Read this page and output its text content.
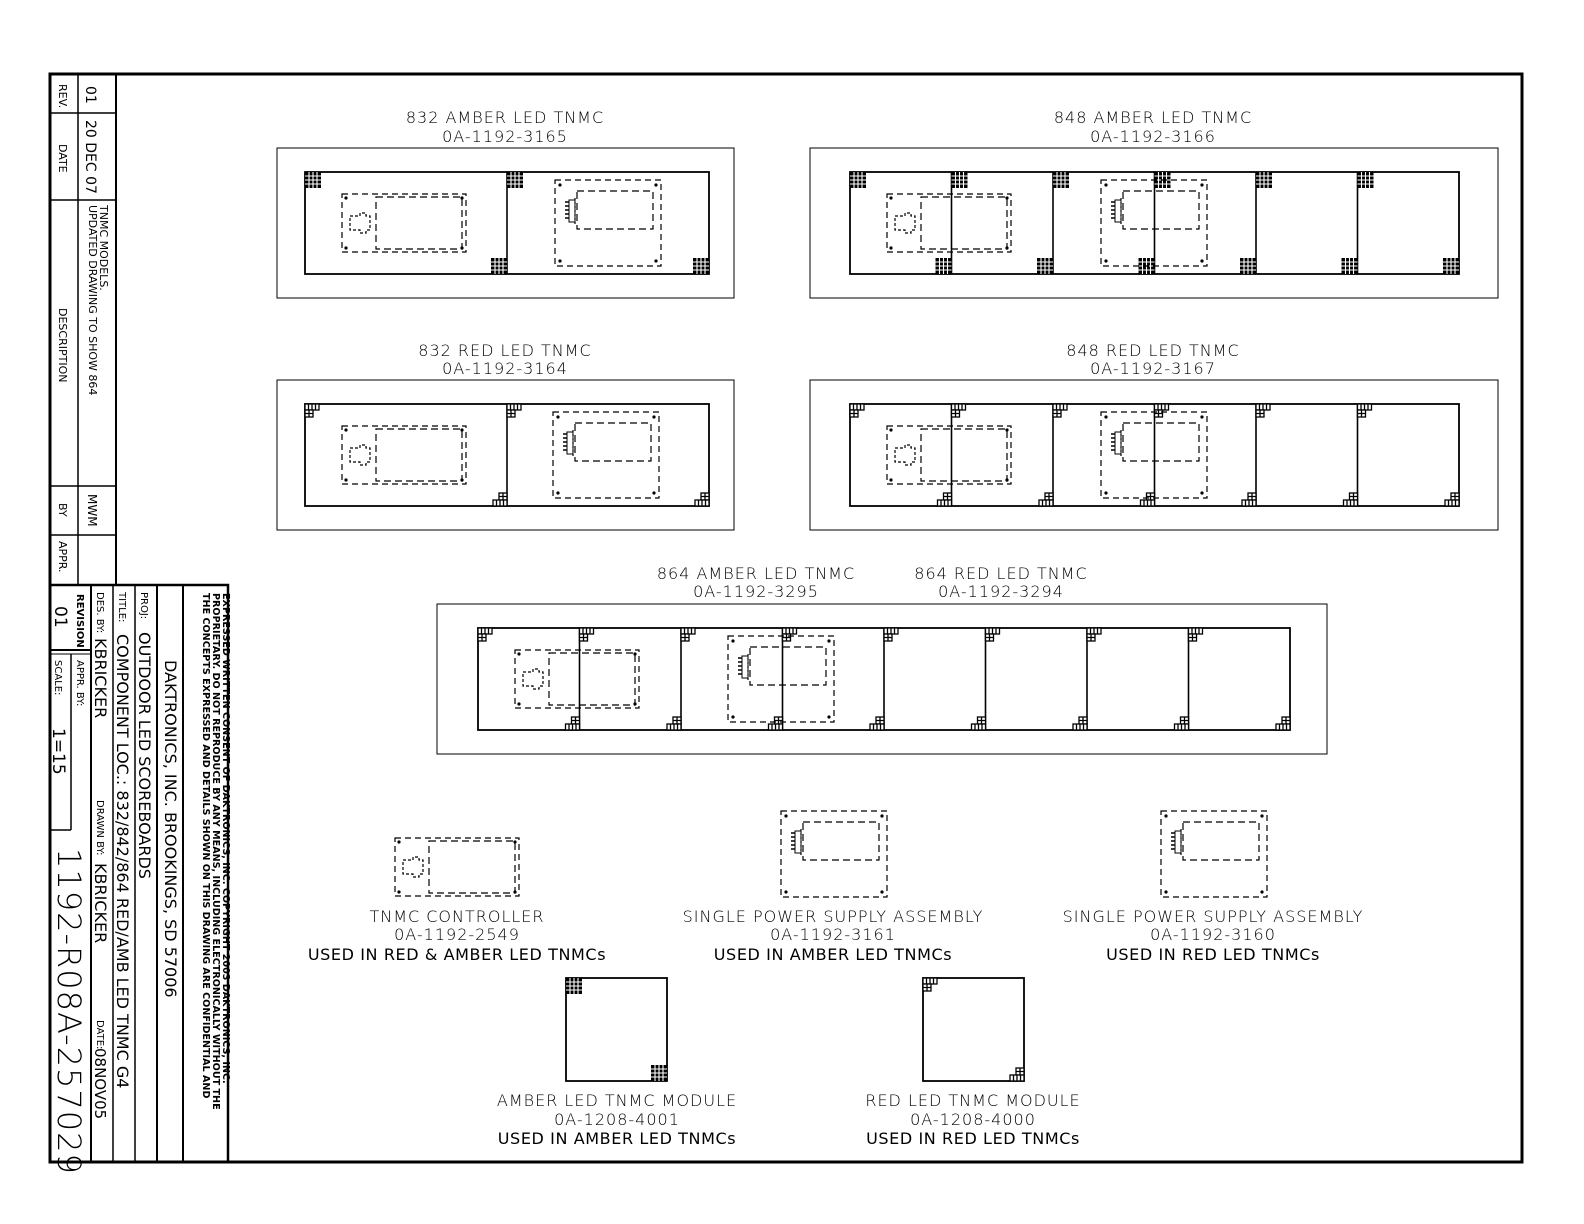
REV.
DATE
DESCRIPTION
BY
APPR.
01
20 DEC 07
UPDATED DRAWING TO SHOW 864
TNMC MODELS.
MWM
THE CONCEPTS EXPRESSED AND DETAILS SHOWN ON THIS DRAWING ARE CONFIDENTIAL AND PROPRIETARY. DO NOT REPRODUCE BY ANY MEANS, INCLUDING ELECTRONICALLY WITHOUT THE EXPRESSED WRITTEN CONSENT OF DAKTRONICS, INC. COPYRIGHT 2003 DAKTRONICS, INC.
DAKTRONICS, INC. BROOKINGS, SD 57006
PROJ:
OUTDOOR LED SCOREBOARDS
TITLE:
COMPONENT LOC.: 832/842/864 RED/AMB LED TNMC G4
DES. BY:
KBRICKER
DRAWN BY:
KBRICKER
DATE:
08NOV05
REVISION
01
APPR. BY:
SCALE:
1=15
1192-R08A-257029
832 AMBER LED TNMC
0A-1192-3165
848 AMBER LED TNMC
0A-1192-3166
832 RED LED TNMC
0A-1192-3164
848 RED LED TNMC
0A-1192-3167
864 AMBER LED TNMC
0A-1192-3295
864 RED LED TNMC
0A-1192-3294
TNMC CONTROLLER
0A-1192-2549
USED IN RED & AMBER LED TNMCs
SINGLE POWER SUPPLY ASSEMBLY
0A-1192-3161
USED IN AMBER LED TNMCs
SINGLE POWER SUPPLY ASSEMBLY
0A-1192-3160
USED IN RED LED TNMCs
AMBER LED TNMC MODULE
0A-1208-4001
USED IN AMBER LED TNMCs
RED LED TNMC MODULE
0A-1208-4000
USED IN RED LED TNMCs
